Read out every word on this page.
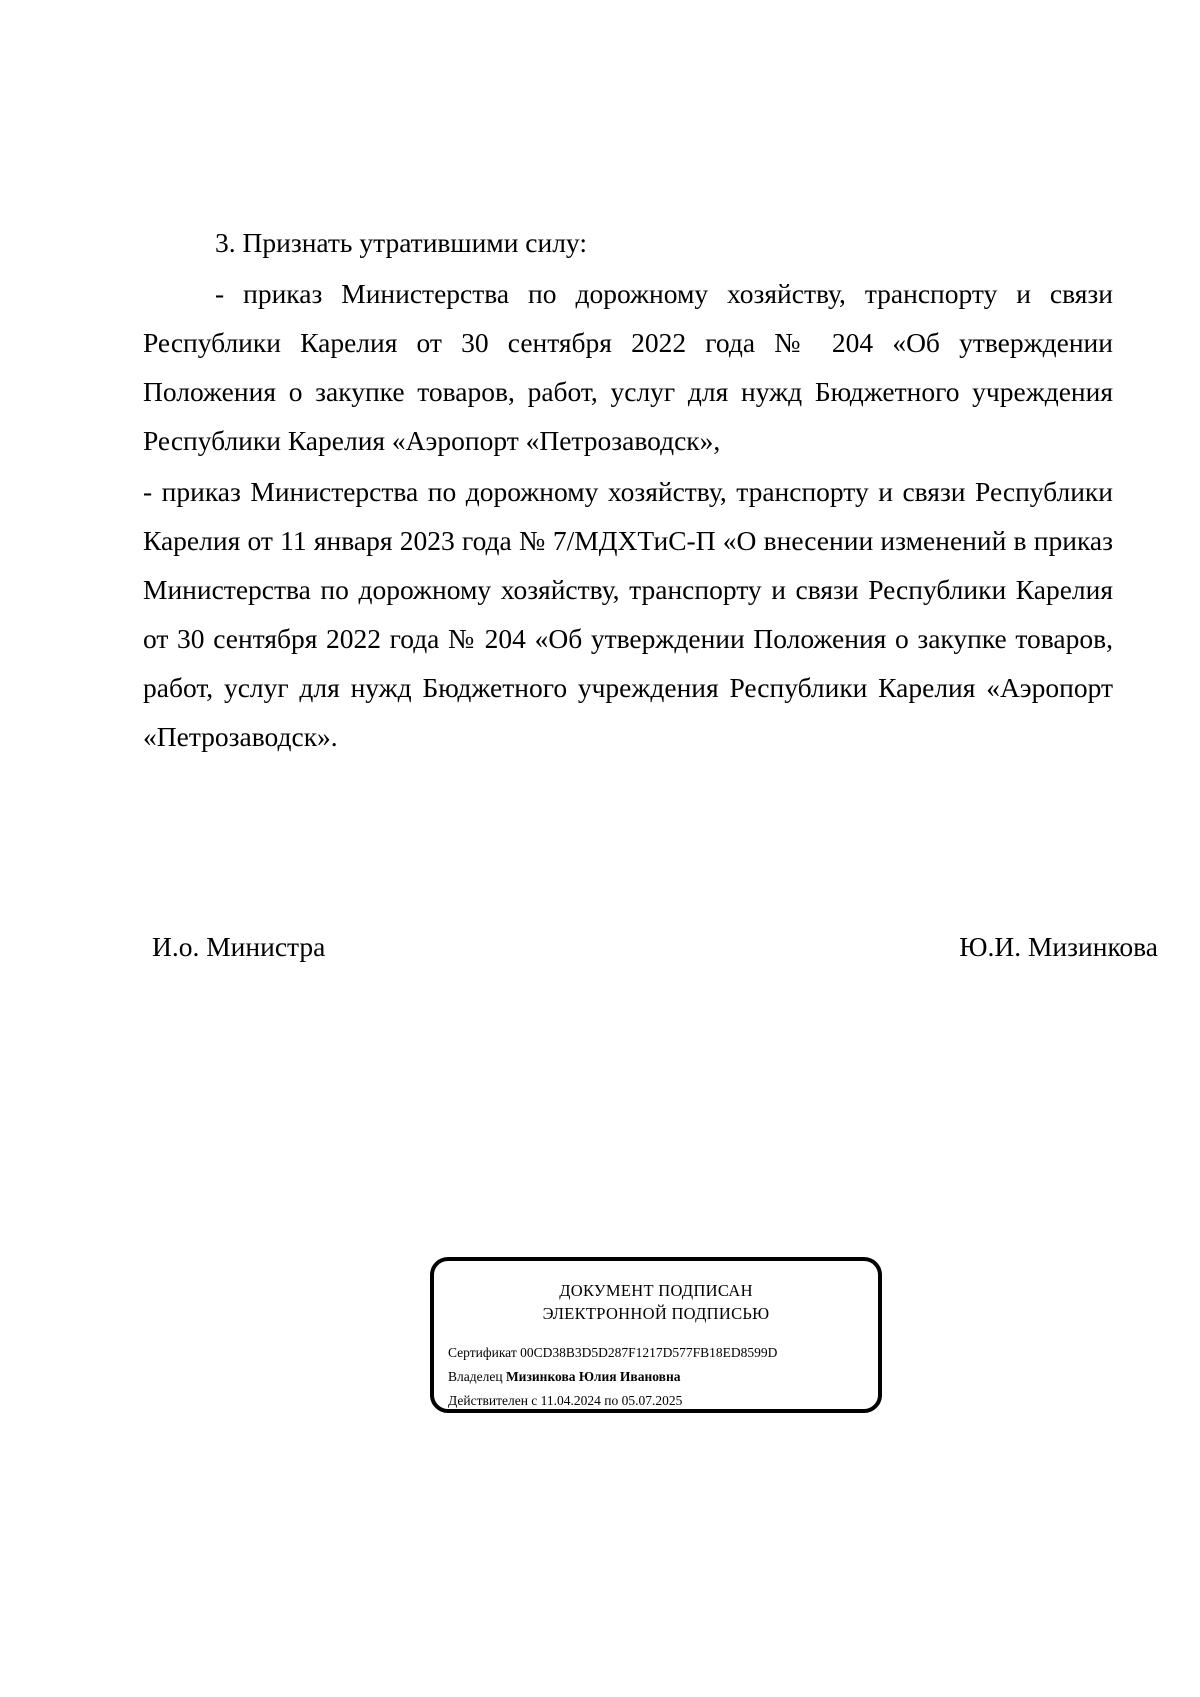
3. Признать утратившими силу:

- приказ Министерства по дорожному хозяйству, транспорту и связи Республики Карелия от 30 сентября 2022 года № 204 «Об утверждении Положения о закупке товаров, работ, услуг для нужд Бюджетного учреждения Республики Карелия «Аэропорт «Петрозаводск»,

- приказ Министерства по дорожному хозяйству, транспорту и связи Республики Карелия от 11 января 2023 года № 7/МДХТиС-П «О внесении изменений в приказ Министерства по дорожному хозяйству, транспорту и связи Республики Карелия от 30 сентября 2022 года № 204 «Об утверждении Положения о закупке товаров, работ, услуг для нужд Бюджетного учреждения Республики Карелия «Аэропорт «Петрозаводск».

И.о. Министра	Ю.И. Мизинкова
ДОКУМЕНТ ПОДПИСАН
ЭЛЕКТРОННОЙ ПОДПИСЬЮ
Сертификат 00CD38B3D5D287F1217D577FB18ED8599D
Владелец Мизинкова Юлия Ивановна
Действителен с 11.04.2024 по 05.07.2025
